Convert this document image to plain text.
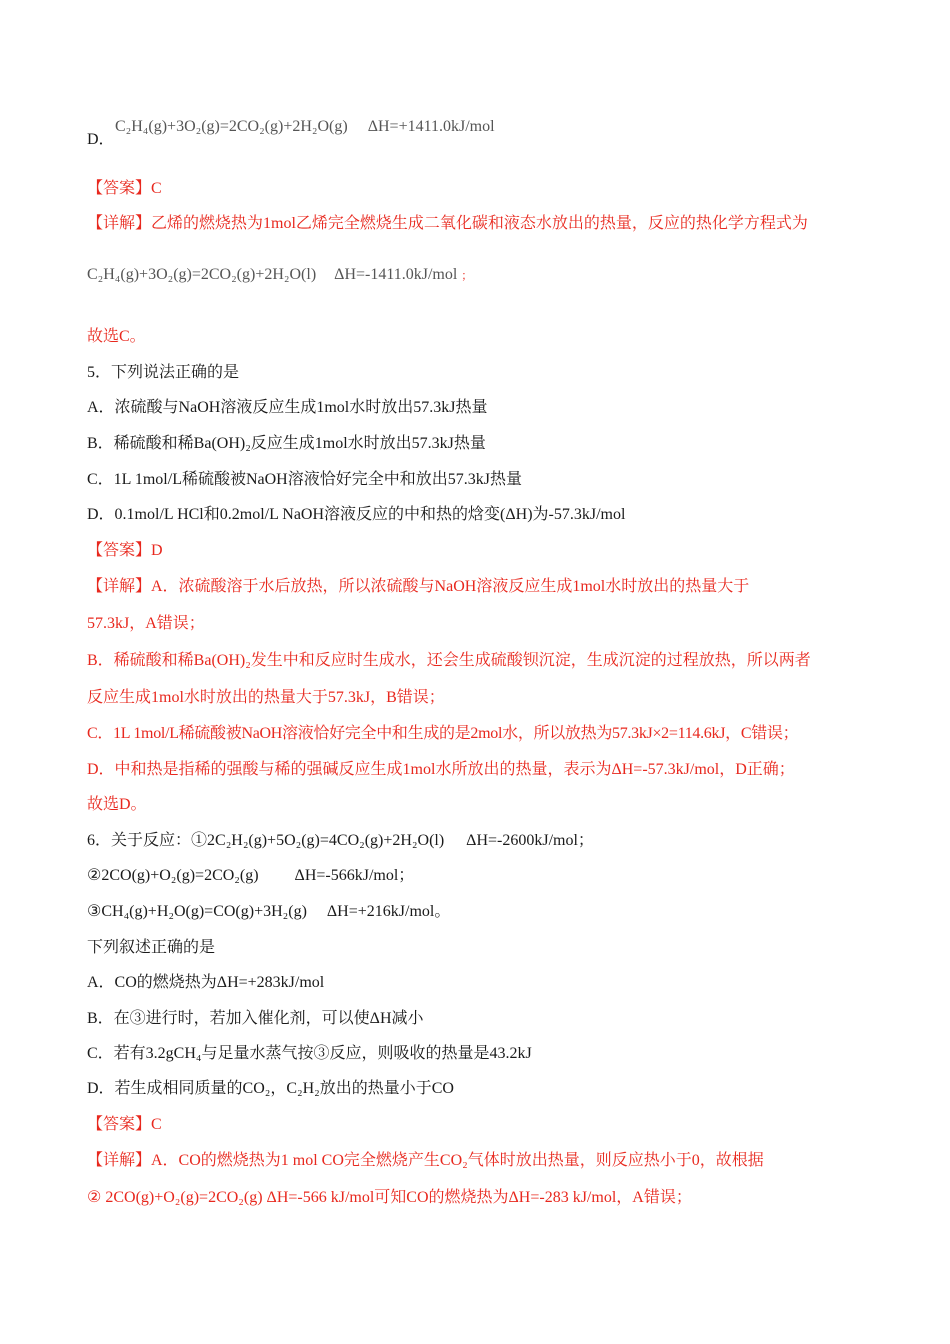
D．
C₂H₄(g)+3O₂(g)=2CO₂(g)+2H₂O(g) ΔH=+1411.0kJ/mol
【答案】C
【详解】乙烯的燃烧热为1mol乙烯完全燃烧生成二氧化碳和液态水放出的热量，反应的热化学方程式为
C₂H₄(g)+3O₂(g)=2CO₂(g)+2H₂O(l) ΔH=-1411.0kJ/mol ；
故选C。
5．下列说法正确的是
A．浓硫酸与NaOH溶液反应生成1mol水时放出57.3kJ热量
B．稀硫酸和稀Ba(OH)₂反应生成1mol水时放出57.3kJ热量
C．1L 1mol/L稀硫酸被NaOH溶液恰好完全中和放出57.3kJ热量
D．0.1mol/L HCl和0.2mol/L NaOH溶液反应的中和热的焓变(ΔH)为-57.3kJ/mol
【答案】D
【详解】A．浓硫酸溶于水后放热，所以浓硫酸与NaOH溶液反应生成1mol水时放出的热量大于
57.3kJ，A错误；
B．稀硫酸和稀Ba(OH)₂发生中和反应时生成水，还会生成硫酸钡沉淀，生成沉淀的过程放热，所以两者
反应生成1mol水时放出的热量大于57.3kJ，B错误；
C．1L 1mol/L稀硫酸被NaOH溶液恰好完全中和生成的是2mol水，所以放热为57.3kJ×2=114.6kJ，C错误；
D．中和热是指稀的强酸与稀的强碱反应生成1mol水所放出的热量，表示为ΔH=-57.3kJ/mol，D正确；
故选D。
6．关于反应：①2C₂H₂(g)+5O₂(g)=4CO₂(g)+2H₂O(l) ΔH=-2600kJ/mol；
②2CO(g)+O₂(g)=2CO₂(g) ΔH=-566kJ/mol；
③CH₄(g)+H₂O(g)=CO(g)+3H₂(g) ΔH=+216kJ/mol。
下列叙述正确的是
A．CO的燃烧热为ΔH=+283kJ/mol
B．在③进行时，若加入催化剂，可以使ΔH减小
C．若有3.2gCH₄与足量水蒸气按③反应，则吸收的热量是43.2kJ
D．若生成相同质量的CO₂，C₂H₂放出的热量小于CO
【答案】C
【详解】A．CO的燃烧热为1 mol CO完全燃烧产生CO₂气体时放出热量，则反应热小于0，故根据
② 2CO(g)+O₂(g)=2CO₂(g) ΔH=-566 kJ/mol可知CO的燃烧热为ΔH=-283 kJ/mol，A错误；
